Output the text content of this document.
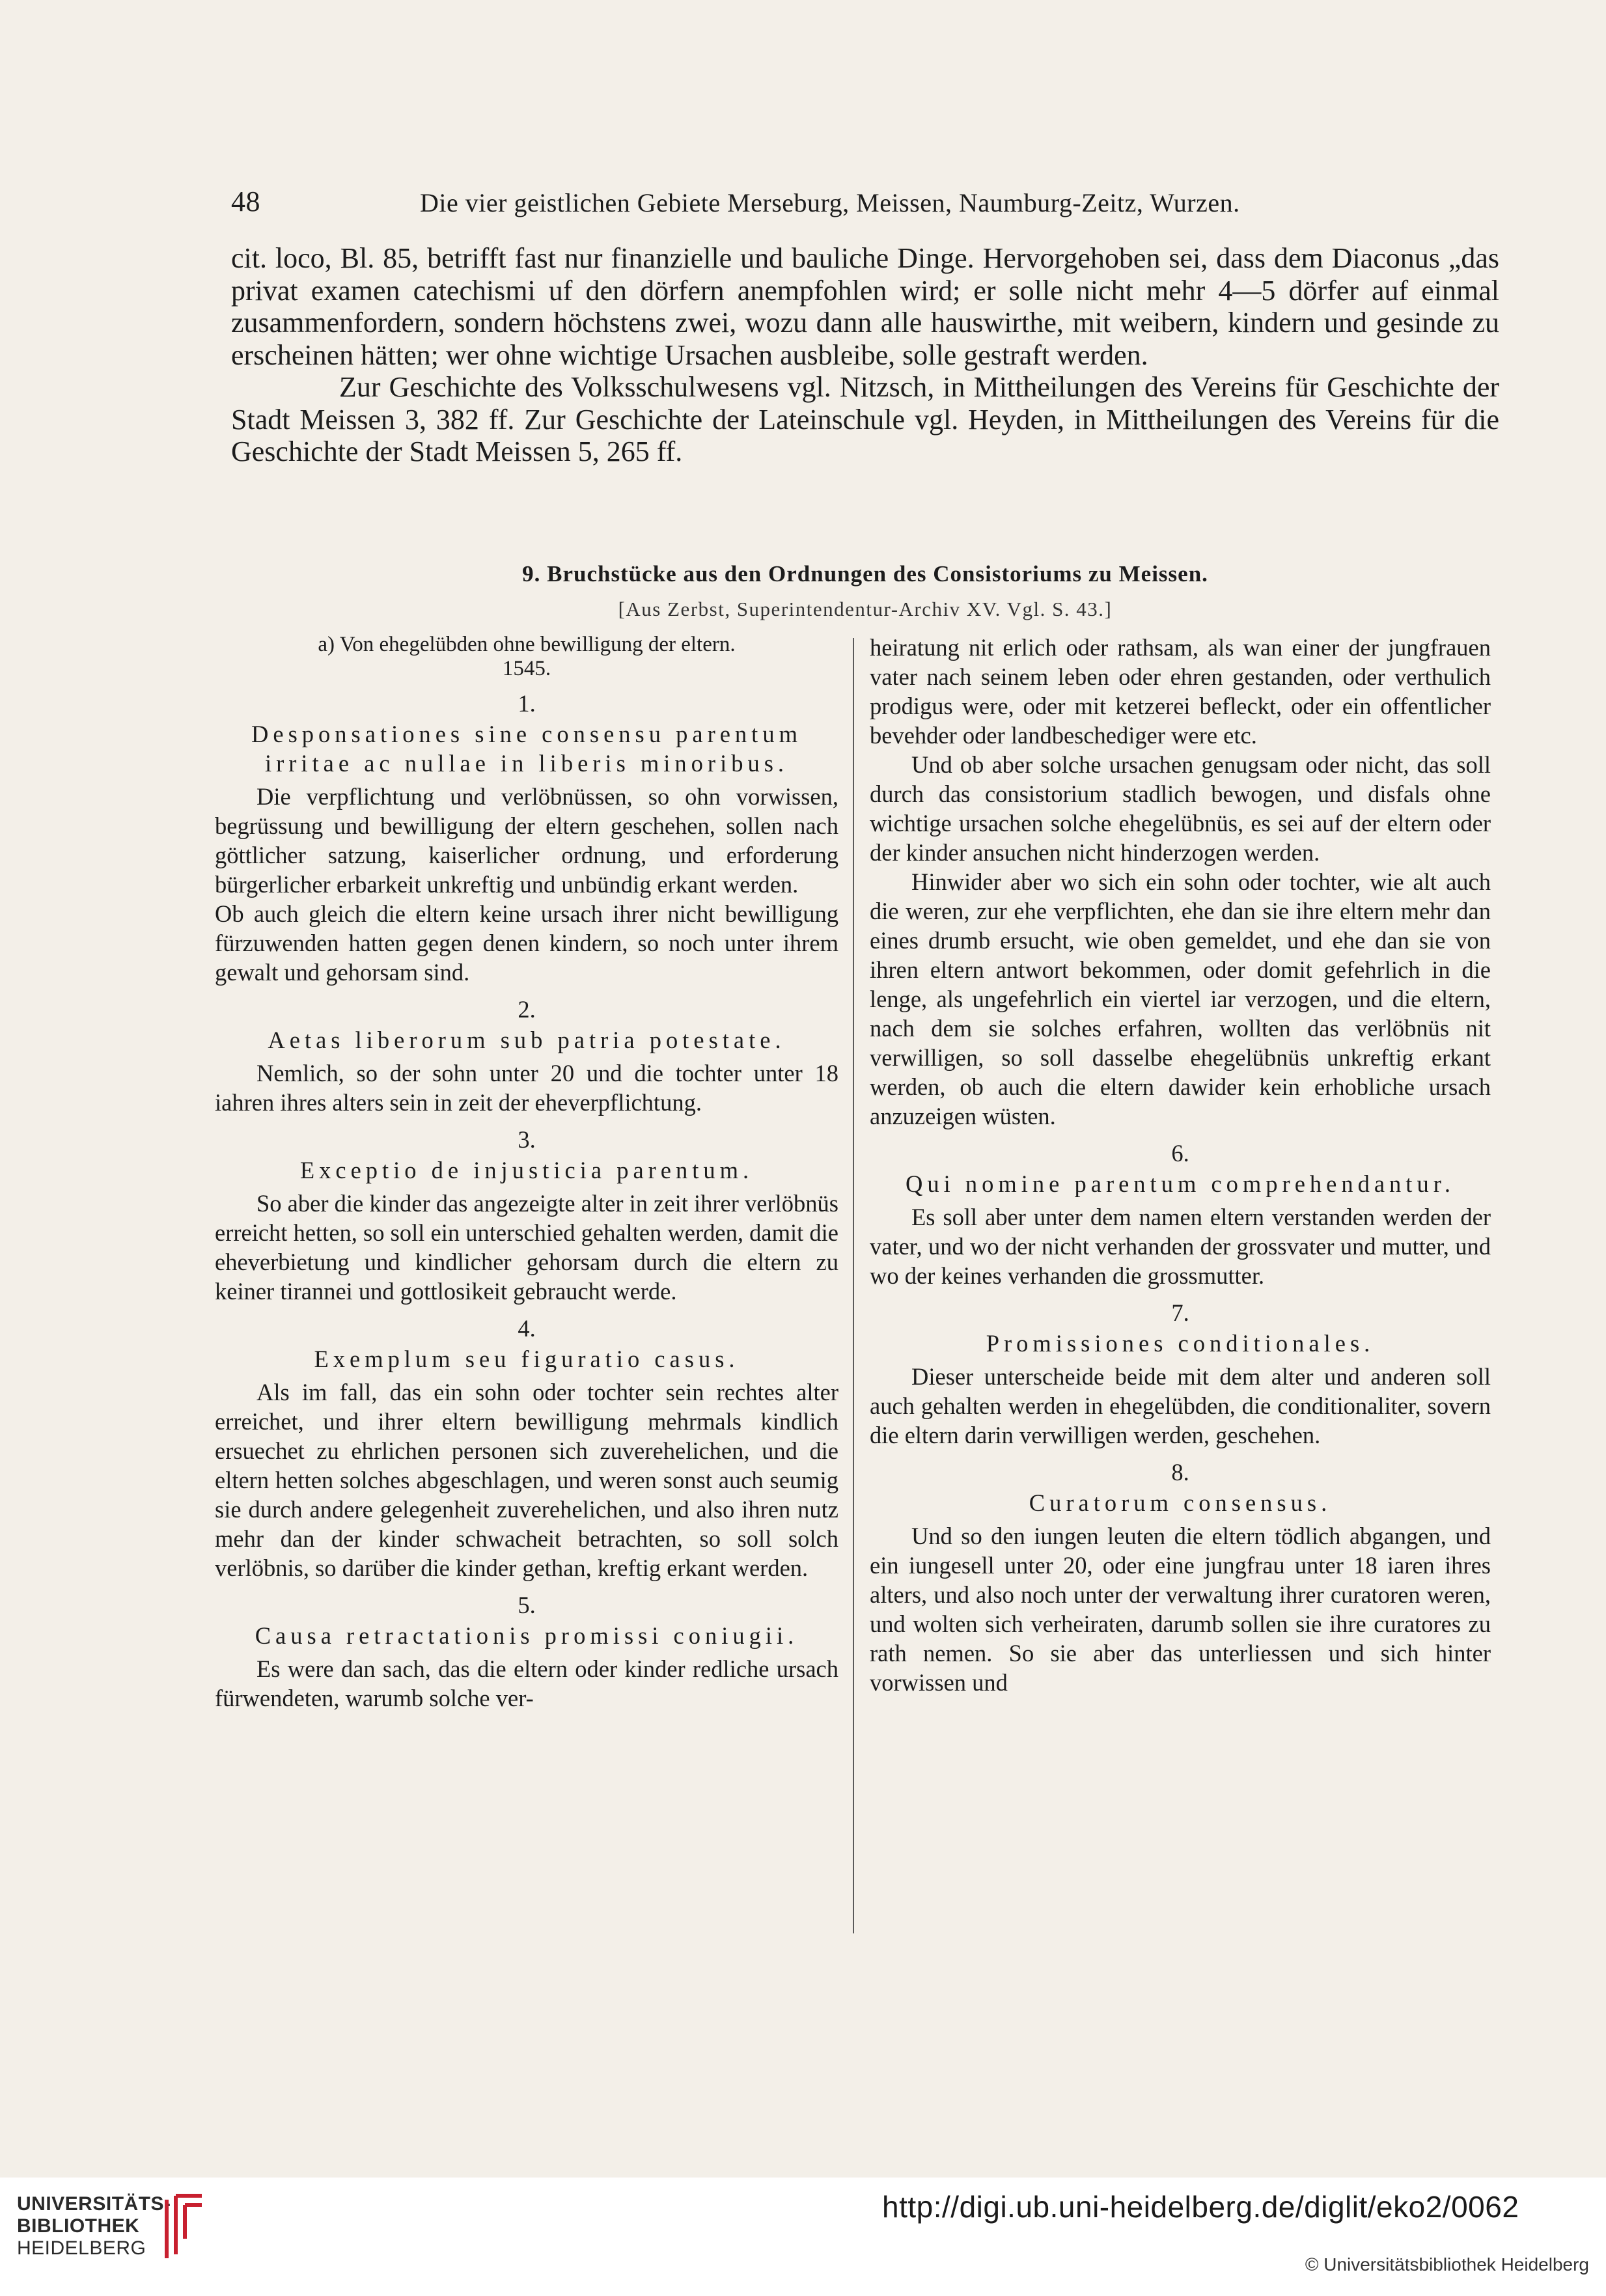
48	Die vier geistlichen Gebiete Merseburg, Meissen, Naumburg-Zeitz, Wurzen.

cit. loco, Bl. 85, betrifft fast nur finanzielle und bauliche Dinge. Hervorgehoben sei, dass dem Diaconus „das privat examen catechismi uf den dörfern anempfohlen wird; er solle nicht mehr 4—5 dörfer auf einmal zusammenfordern, sondern höchstens zwei, wozu dann alle hauswirthe, mit weibern, kindern und gesinde zu erscheinen hätten; wer ohne wichtige Ursachen ausbleibe, solle gestraft werden.

Zur Geschichte des Volksschulwesens vgl. Nitzsch, in Mittheilungen des Vereins für Geschichte der Stadt Meissen 3, 382 ff. Zur Geschichte der Lateinschule vgl. Heyden, in Mittheilungen des Vereins für die Geschichte der Stadt Meissen 5, 265 ff.

9. Bruchstücke aus den Ordnungen des Consistoriums zu Meissen.
[Aus Zerbst, Superintendentur-Archiv XV. Vgl. S. 43.]
a) Von ehegelübden ohne bewilligung der eltern.
1545.
1.
Desponsationes sine consensu parentum
irritae ac nullae in liberis minoribus.

Die verpflichtung und verlöbnüssen, so ohn vorwissen, begrüssung und bewilligung der eltern geschehen, sollen nach göttlicher satzung, kaiserlicher ordnung, und erforderung bürgerlicher erbarkeit unkreftig und unbündig erkant werden.

Ob auch gleich die eltern keine ursach ihrer nicht bewilligung fürzuwenden hatten gegen denen kindern, so noch unter ihrem gewalt und gehorsam sind.

2.
Aetas liberorum sub patria potestate.

Nemlich, so der sohn unter 20 und die tochter unter 18 iahren ihres alters sein in zeit der eheverpflichtung.

3.
Exceptio de injusticia parentum.

So aber die kinder das angezeigte alter in zeit ihrer verlöbnüs erreicht hetten, so soll ein unterschied gehalten werden, damit die eheverbietung und kindlicher gehorsam durch die eltern zu keiner tirannei und gottlosikeit gebraucht werde.

4.
Exemplum seu figuratio casus.

Als im fall, das ein sohn oder tochter sein rechtes alter erreichet, und ihrer eltern bewilligung mehrmals kindlich ersuechet zu ehrlichen personen sich zuverehelichen, und die eltern hetten solches abgeschlagen, und weren sonst auch seumig sie durch andere gelegenheit zuverehelichen, und also ihren nutz mehr dan der kinder schwacheit betrachten, so soll solch verlöbnis, so darüber die kinder gethan, kreftig erkant werden.

5.
Causa retractationis promissi coniugii.

Es were dan sach, das die eltern oder kinder redliche ursach fürwendeten, warumb solche ver-

heiratung nit erlich oder rathsam, als wan einer der jungfrauen vater nach seinem leben oder ehren gestanden, oder verthulich prodigus were, oder mit ketzerei befleckt, oder ein offentlicher bevehder oder landbeschediger were etc.

Und ob aber solche ursachen genugsam oder nicht, das soll durch das consistorium stadlich bewogen, und disfals ohne wichtige ursachen solche ehegelübnüs, es sei auf der eltern oder der kinder ansuchen nicht hinderzogen werden.

Hinwider aber wo sich ein sohn oder tochter, wie alt auch die weren, zur ehe verpflichten, ehe dan sie ihre eltern mehr dan eines drumb ersucht, wie oben gemeldet, und ehe dan sie von ihren eltern antwort bekommen, oder domit gefehrlich in die lenge, als ungefehrlich ein viertel iar verzogen, und die eltern, nach dem sie solches erfahren, wollten das verlöbnüs nit verwilligen, so soll dasselbe ehegelübnüs unkreftig erkant werden, ob auch die eltern dawider kein erhobliche ursach anzuzeigen wüsten.

6.
Qui nomine parentum comprehendantur.

Es soll aber unter dem namen eltern verstanden werden der vater, und wo der nicht verhanden der grossvater und mutter, und wo der keines verhanden die grossmutter.

7.
Promissiones conditionales.

Dieser unterscheide beide mit dem alter und anderen soll auch gehalten werden in ehegelübden, die conditionaliter, sovern die eltern darin verwilligen werden, geschehen.

8.
Curatorum consensus.

Und so den iungen leuten die eltern tödlich abgangen, und ein iungesell unter 20, oder eine jungfrau unter 18 iaren ihres alters, und also noch unter der verwaltung ihrer curatoren weren, und wolten sich verheiraten, darumb sollen sie ihre curatores zu rath nemen. So sie aber das unterliessen und sich hinter vorwissen und

UNIVERSITÄTS-
BIBLIOTHEK
HEIDELBERG
http://digi.ub.uni-heidelberg.de/diglit/eko2/0062
© Universitätsbibliothek Heidelberg
